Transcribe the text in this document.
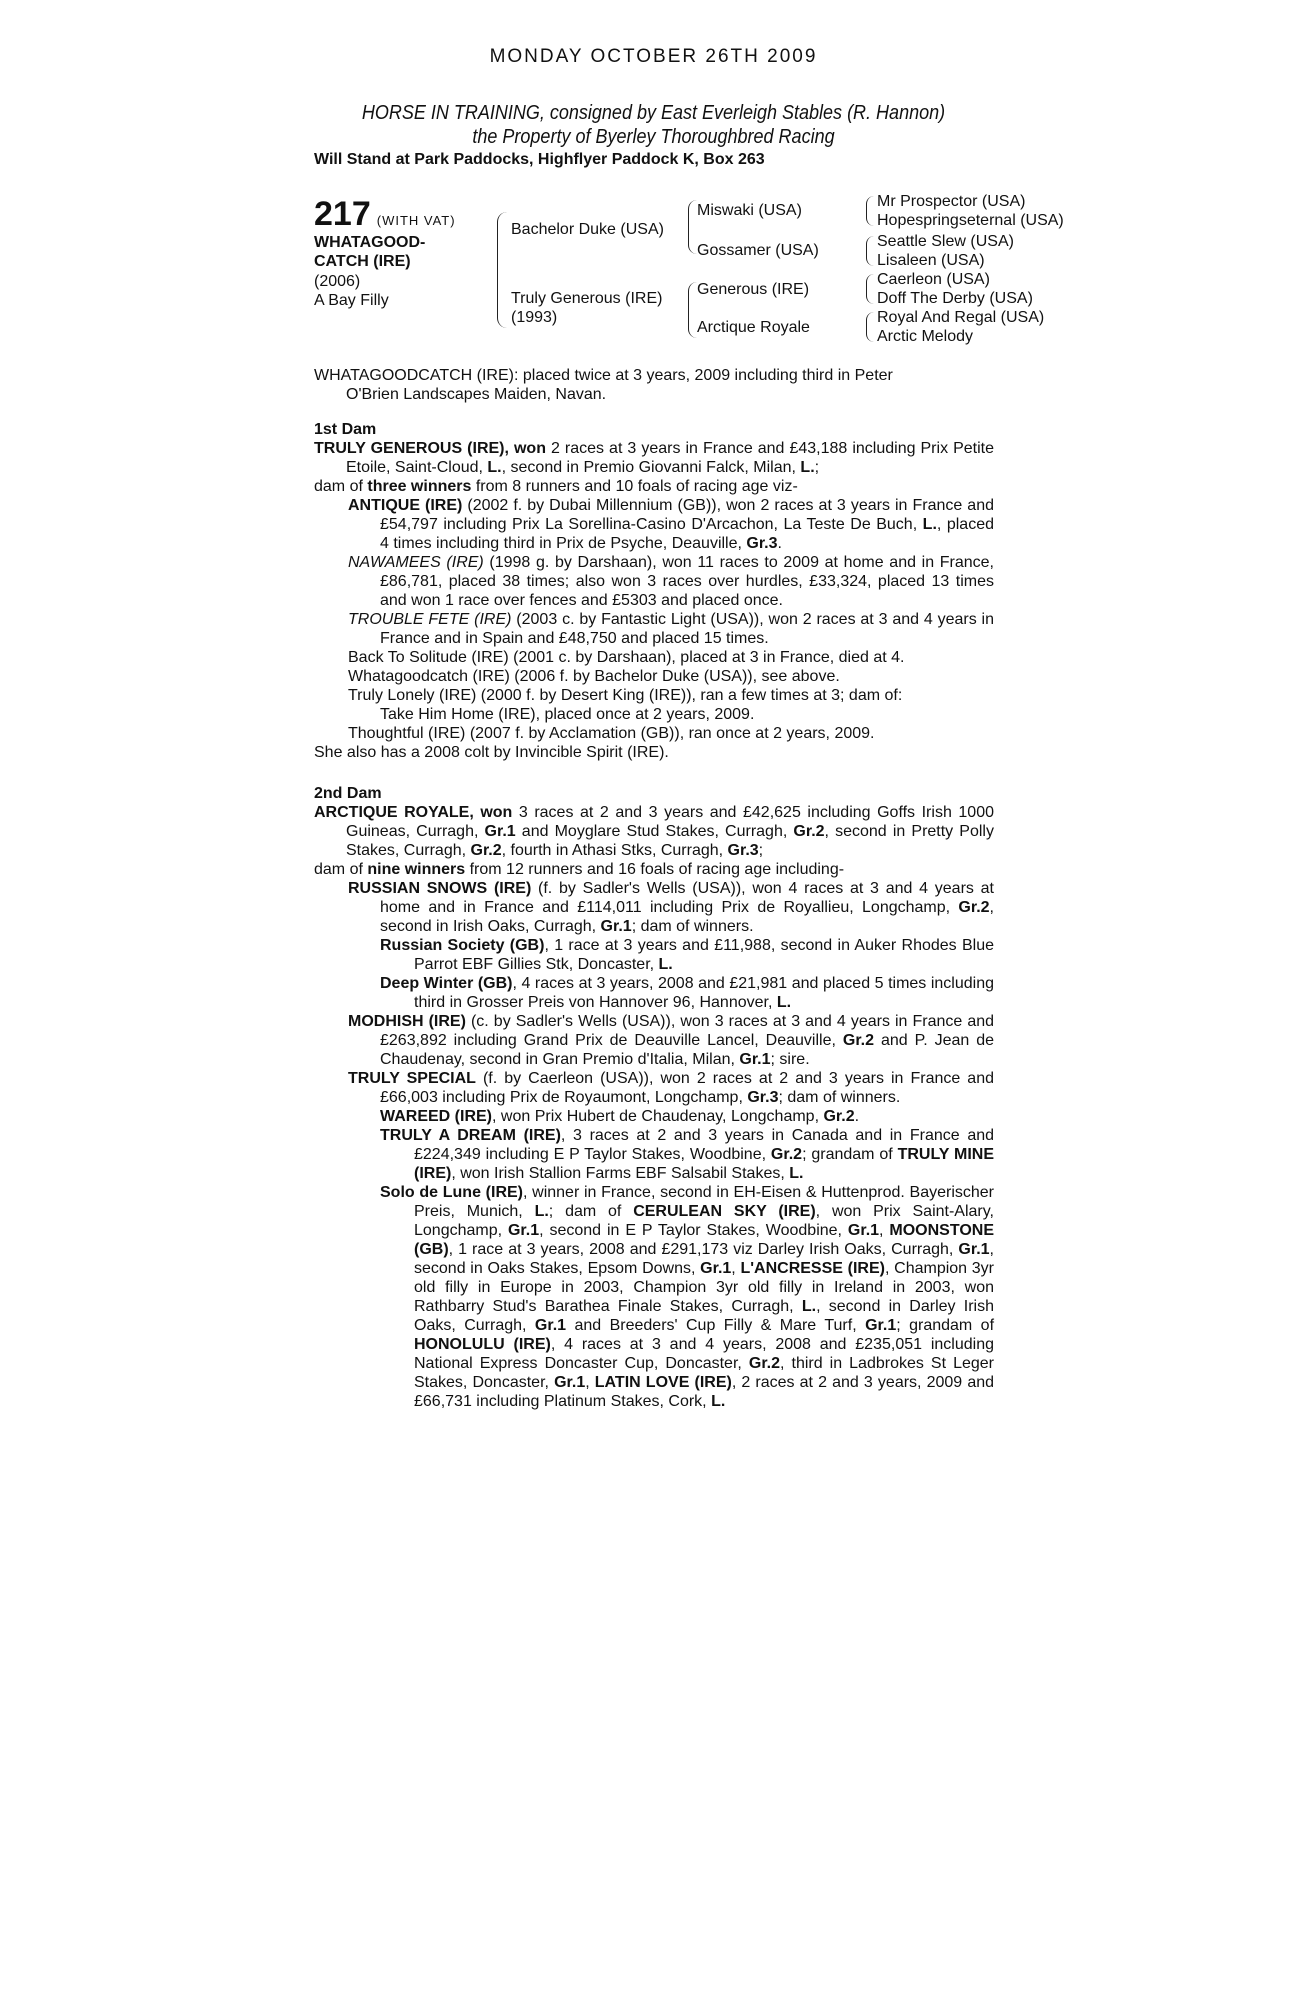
MONDAY OCTOBER 26TH 2009
HORSE IN TRAINING, consigned by East Everleigh Stables (R. Hannon)
the Property of Byerley Thoroughbred Racing
Will Stand at Park Paddocks, Highflyer Paddock K, Box 263
217 (WITH VAT)
WHATAGOOD-
CATCH (IRE)
(2006)
A Bay Filly
Bachelor Duke (USA)
Truly Generous (IRE)
(1993)
Miswaki (USA)
Gossamer (USA)
Generous (IRE)
Arctique Royale
Mr Prospector (USA)
Hopespringseternal (USA)
Seattle Slew (USA)
Lisaleen (USA)
Caerleon (USA)
Doff The Derby (USA)
Royal And Regal (USA)
Arctic Melody

WHATAGOODCATCH (IRE): placed twice at 3 years, 2009 including third in Peter

O'Brien Landscapes Maiden, Navan.

1st Dam

TRULY GENEROUS (IRE), won 2 races at 3 years in France and £43,188 including Prix Petite Etoile, Saint-Cloud, L., second in Premio Giovanni Falck, Milan, L.;

dam of three winners from 8 runners and 10 foals of racing age viz-

ANTIQUE (IRE) (2002 f. by Dubai Millennium (GB)), won 2 races at 3 years in France and £54,797 including Prix La Sorellina-Casino D'Arcachon, La Teste De Buch, L., placed 4 times including third in Prix de Psyche, Deauville, Gr.3.

NAWAMEES (IRE) (1998 g. by Darshaan), won 11 races to 2009 at home and in France, £86,781, placed 38 times; also won 3 races over hurdles, £33,324, placed 13 times and won 1 race over fences and £5303 and placed once.

TROUBLE FETE (IRE) (2003 c. by Fantastic Light (USA)), won 2 races at 3 and 4 years in France and in Spain and £48,750 and placed 15 times.

Back To Solitude (IRE) (2001 c. by Darshaan), placed at 3 in France, died at 4.

Whatagoodcatch (IRE) (2006 f. by Bachelor Duke (USA)), see above.

Truly Lonely (IRE) (2000 f. by Desert King (IRE)), ran a few times at 3; dam of:

Take Him Home (IRE), placed once at 2 years, 2009.

Thoughtful (IRE) (2007 f. by Acclamation (GB)), ran once at 2 years, 2009.

She also has a 2008 colt by Invincible Spirit (IRE).

2nd Dam

ARCTIQUE ROYALE, won 3 races at 2 and 3 years and £42,625 including Goffs Irish 1000 Guineas, Curragh, Gr.1 and Moyglare Stud Stakes, Curragh, Gr.2, second in Pretty Polly Stakes, Curragh, Gr.2, fourth in Athasi Stks, Curragh, Gr.3;

dam of nine winners from 12 runners and 16 foals of racing age including-

RUSSIAN SNOWS (IRE) (f. by Sadler's Wells (USA)), won 4 races at 3 and 4 years at home and in France and £114,011 including Prix de Royallieu, Longchamp, Gr.2, second in Irish Oaks, Curragh, Gr.1; dam of winners.

Russian Society (GB), 1 race at 3 years and £11,988, second in Auker Rhodes Blue Parrot EBF Gillies Stk, Doncaster, L.

Deep Winter (GB), 4 races at 3 years, 2008 and £21,981 and placed 5 times including third in Grosser Preis von Hannover 96, Hannover, L.

MODHISH (IRE) (c. by Sadler's Wells (USA)), won 3 races at 3 and 4 years in France and £263,892 including Grand Prix de Deauville Lancel, Deauville, Gr.2 and P. Jean de Chaudenay, second in Gran Premio d'Italia, Milan, Gr.1; sire.

TRULY SPECIAL (f. by Caerleon (USA)), won 2 races at 2 and 3 years in France and £66,003 including Prix de Royaumont, Longchamp, Gr.3; dam of winners.

WAREED (IRE), won Prix Hubert de Chaudenay, Longchamp, Gr.2.

TRULY A DREAM (IRE), 3 races at 2 and 3 years in Canada and in France and £224,349 including E P Taylor Stakes, Woodbine, Gr.2; grandam of TRULY MINE (IRE), won Irish Stallion Farms EBF Salsabil Stakes, L.

Solo de Lune (IRE), winner in France, second in EH-Eisen & Huttenprod. Bayerischer Preis, Munich, L.; dam of CERULEAN SKY (IRE), won Prix Saint-Alary, Longchamp, Gr.1, second in E P Taylor Stakes, Woodbine, Gr.1, MOONSTONE (GB), 1 race at 3 years, 2008 and £291,173 viz Darley Irish Oaks, Curragh, Gr.1, second in Oaks Stakes, Epsom Downs, Gr.1, L'ANCRESSE (IRE), Champion 3yr old filly in Europe in 2003, Champion 3yr old filly in Ireland in 2003, won Rathbarry Stud's Barathea Finale Stakes, Curragh, L., second in Darley Irish Oaks, Curragh, Gr.1 and Breeders' Cup Filly & Mare Turf, Gr.1; grandam of HONOLULU (IRE), 4 races at 3 and 4 years, 2008 and £235,051 including National Express Doncaster Cup, Doncaster, Gr.2, third in Ladbrokes St Leger Stakes, Doncaster, Gr.1, LATIN LOVE (IRE), 2 races at 2 and 3 years, 2009 and £66,731 including Platinum Stakes, Cork, L.
